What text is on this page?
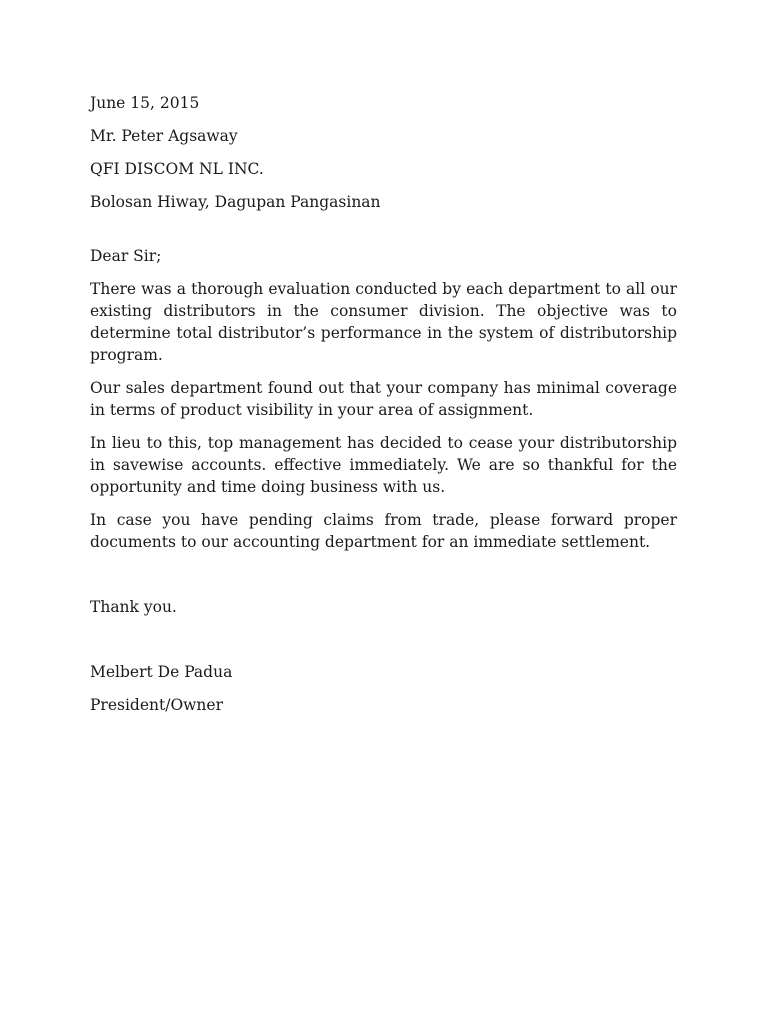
June 15, 2015

Mr. Peter Agsaway

QFI DISCOM NL INC.

Bolosan Hiway, Dagupan Pangasinan

Dear Sir;

There was a thorough evaluation conducted by each department to all our existing distributors in the consumer division. The objective was to determine total distributor’s performance in the system of distributorship program.

Our sales department found out that your company has minimal coverage in terms of product visibility in your area of assignment.

In lieu to this, top management has decided to cease your distributorship in savewise accounts. effective immediately. We are so thankful for the opportunity and time doing business with us.

In case you have pending claims from trade, please forward proper documents to our accounting department for an immediate settlement.

Thank you.

Melbert De Padua

President/Owner
